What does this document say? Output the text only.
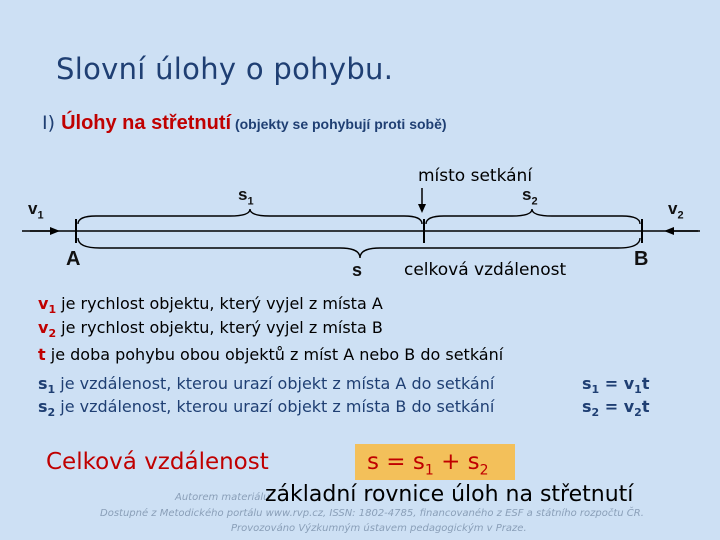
Slovní úlohy o pohybu.
I) Úlohy na střetnutí (objekty se pohybují proti sobě)
$v_1$	$v_2$
$s_1$	$s_2$
A	B
s
místo setkání
celková vzdálenost
$v_1$ je rychlost objektu, který vyjel z místa A
$v_2$ je rychlost objektu, který vyjel z místa B
t je doba pohybu obou objektů z míst A nebo B do setkání
$s_1$ je vzdálenost, kterou urazí objekt z místa A do setkání
$s_2$ je vzdálenost, kterou urazí objekt z místa B do setkání
$s_1 = v_1t$
$s_2 = v_2t$
Celková vzdálenost	$s = s_1 + s_2$
Autorem materiálu
Dostupné z Metodického portálu www.rvp.cz, ISSN: 1802-4785, financovaného z ESF a státního rozpočtu ČR.
Provozováno Výzkumným ústavem pedagogickým v Praze.
základní rovnice úloh na střetnutí
